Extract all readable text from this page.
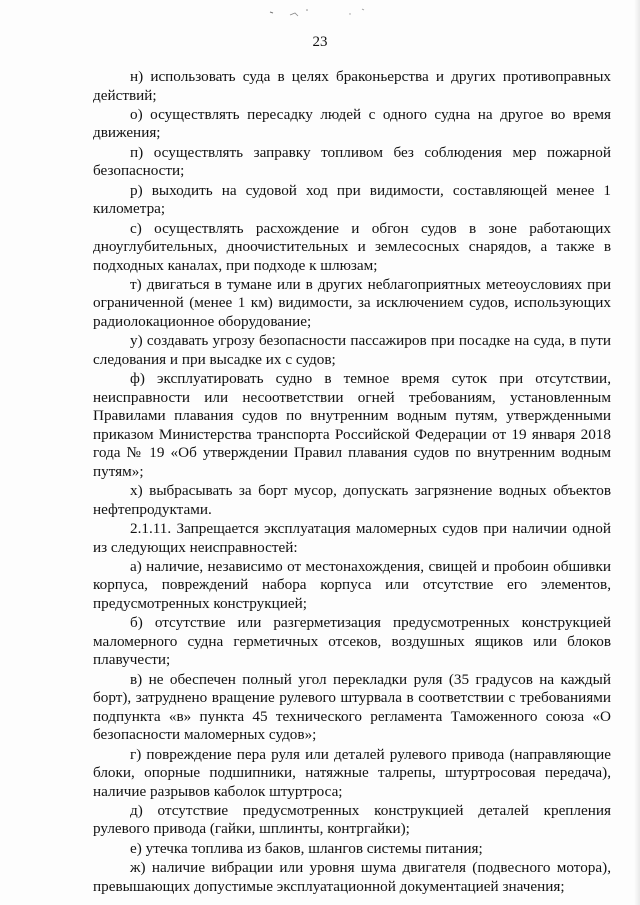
23

н) использовать суда в целях браконьерства и других противоправных действий;

о) осуществлять пересадку людей с одного судна на другое во время движения;

п) осуществлять заправку топливом без соблюдения мер пожарной безопасности;

р) выходить на судовой ход при видимости, составляющей менее 1 километра;

с) осуществлять расхождение и обгон судов в зоне работающих дноуглубительных, дноочистительных и землесосных снарядов, а также в подходных каналах, при подходе к шлюзам;

т) двигаться в тумане или в других неблагоприятных метеоусловиях при ограниченной (менее 1 км) видимости, за исключением судов, использующих радиолокационное оборудование;

у) создавать угрозу безопасности пассажиров при посадке на суда, в пути следования и при высадке их с судов;

ф) эксплуатировать судно в темное время суток при отсутствии, неисправности или несоответствии огней требованиям, установленным Правилами плавания судов по внутренним водным путям, утвержденными приказом Министерства транспорта Российской Федерации от 19 января 2018 года № 19 «Об утверждении Правил плавания судов по внутренним водным путям»;

х) выбрасывать за борт мусор, допускать загрязнение водных объектов нефтепродуктами.

2.1.11. Запрещается эксплуатация маломерных судов при наличии одной из следующих неисправностей:

а) наличие, независимо от местонахождения, свищей и пробоин обшивки корпуса, повреждений набора корпуса или отсутствие его элементов, предусмотренных конструкцией;

б) отсутствие или разгерметизация предусмотренных конструкцией маломерного судна герметичных отсеков, воздушных ящиков или блоков плавучести;

в) не обеспечен полный угол перекладки руля (35 градусов на каждый борт), затруднено вращение рулевого штурвала в соответствии с требованиями подпункта «в» пункта 45 технического регламента Таможенного союза «О безопасности маломерных судов»;

г) повреждение пера руля или деталей рулевого привода (направляющие блоки, опорные подшипники, натяжные талрепы, штуртросовая передача), наличие разрывов каболок штуртроса;

д) отсутствие предусмотренных конструкцией деталей крепления рулевого привода (гайки, шплинты, контргайки);

е) утечка топлива из баков, шлангов системы питания;

ж) наличие вибрации или уровня шума двигателя (подвесного мотора), превышающих допустимые эксплуатационной документацией значения;
